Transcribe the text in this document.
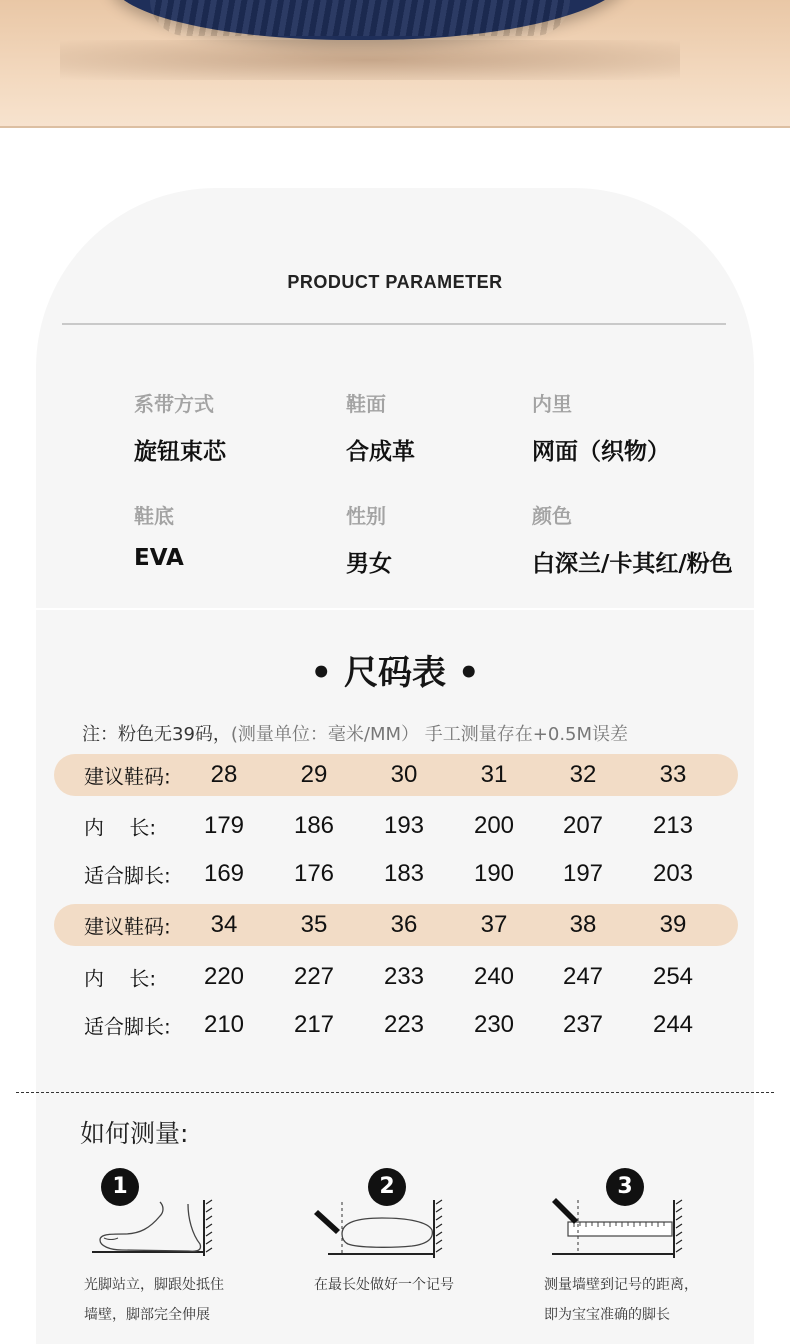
PRODUCT PARAMETER
系带方式
旋钮束芯
鞋面
合成革
内里
网面（织物）
鞋底
EVA
性别
男女
颜色
白深兰/卡其红/粉色
• 尺码表 •
注：粉色无39码，(测量单位：毫米/MM） 手工测量存在+0.5M误差
建议鞋码: 28	29	30	31	32	33
内    长: 179 186 193 200 207 213
适合脚长: 169 176 183 190 197 203
建议鞋码: 34	35	36	37	38	39
内    长: 220 227 233 240 247 254
适合脚长: 210 217 223 230 237 244
如何测量:
1
光脚站立，脚跟处抵住
墙壁，脚部完全伸展
2
在最长处做好一个记号
3
测量墙壁到记号的距离，
即为宝宝准确的脚长
